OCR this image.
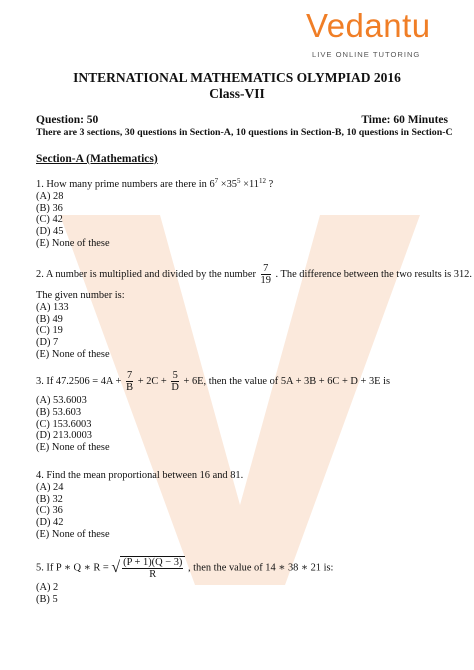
Vedantu
LIVE ONLINE TUTORING
INTERNATIONAL MATHEMATICS OLYMPIAD 2016
Class-VII
Question: 50	Time: 60 Minutes
There are 3 sections, 30 questions in Section-A, 10 questions in Section-B, 10 questions in Section-C
Section-A (Mathematics)
1. How many prime numbers are there in $6^7 \times 35^5 \times 11^{12}$ ?
(A) 28
(B) 36
(C) 42
(D) 45
(E) None of these
2. A number is multiplied and divided by the number $\frac{7}{19}$ . The difference between the two results is 312.
The given number is:
(A) 133
(B) 49
(C) 19
(D) 7
(E) None of these
3. If $47.2506 = 4A + \frac{7}{B} + 2C + \frac{5}{D} + 6E$, then the value of 5A + 3B + 6C + D + 3E is
(A) 53.6003
(B) 53.603
(C) 153.6003
(D) 213.0003
(E) None of these
4. Find the mean proportional between 16 and 81.
(A) 24
(B) 32
(C) 36
(D) 42
(E) None of these
5. If P ∗ Q ∗ R = √ $\frac{(P + 1)(Q - 3)}{R}$ , then the value of 14 ∗ 38 ∗ 21 is:
(A) 2
(B) 5
